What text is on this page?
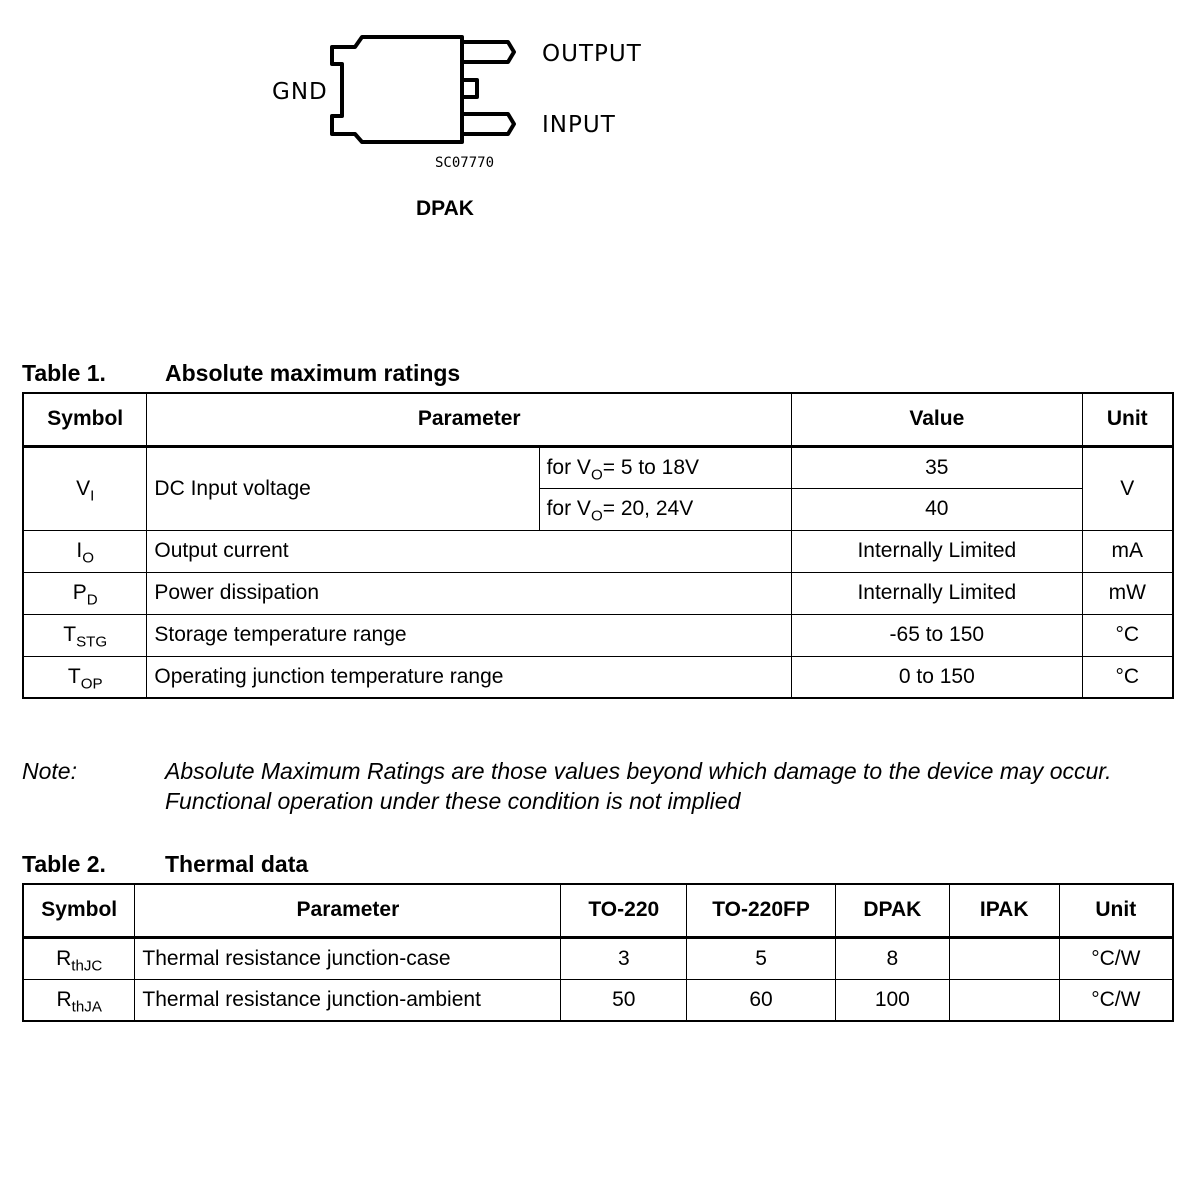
GND
OUTPUT
INPUT
SC07770
DPAK
Table 1.	Absolute maximum ratings
Symbol	Parameter		Value	Unit
$V_I$	DC Input voltage	for $V_O= 5$ to 18V	35	V
		for $V_O= 20$, 24V	40	
$I_O$	Output current		Internally Limited	mA
$P_D$	Power dissipation		Internally Limited	mW
$T_{STG}$	Storage temperature range		-65 to 150	°C
$T_{OP}$	Operating junction temperature range		0 to 150	°C
Note:	Absolute Maximum Ratings are those values beyond which damage to the device may occur. Functional operation under these condition is not implied
Table 2.	Thermal data
Symbol	Parameter	TO-220	TO-220FP	DPAK	IPAK	Unit
$R_{thJC}$	Thermal resistance junction-case	3	5	8		°C/W
$R_{thJA}$	Thermal resistance junction-ambient	50	60	100		°C/W
